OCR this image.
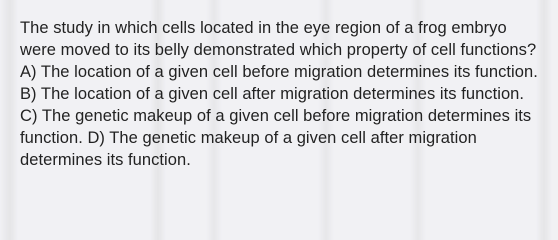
The study in which cells located in the eye region of a frog embryo were moved to its belly demonstrated which property of cell functions? A) The location of a given cell before migration determines its function. B) The location of a given cell after migration determines its function. C) The genetic makeup of a given cell before migration determines its function. D) The genetic makeup of a given cell after migration determines its function.
